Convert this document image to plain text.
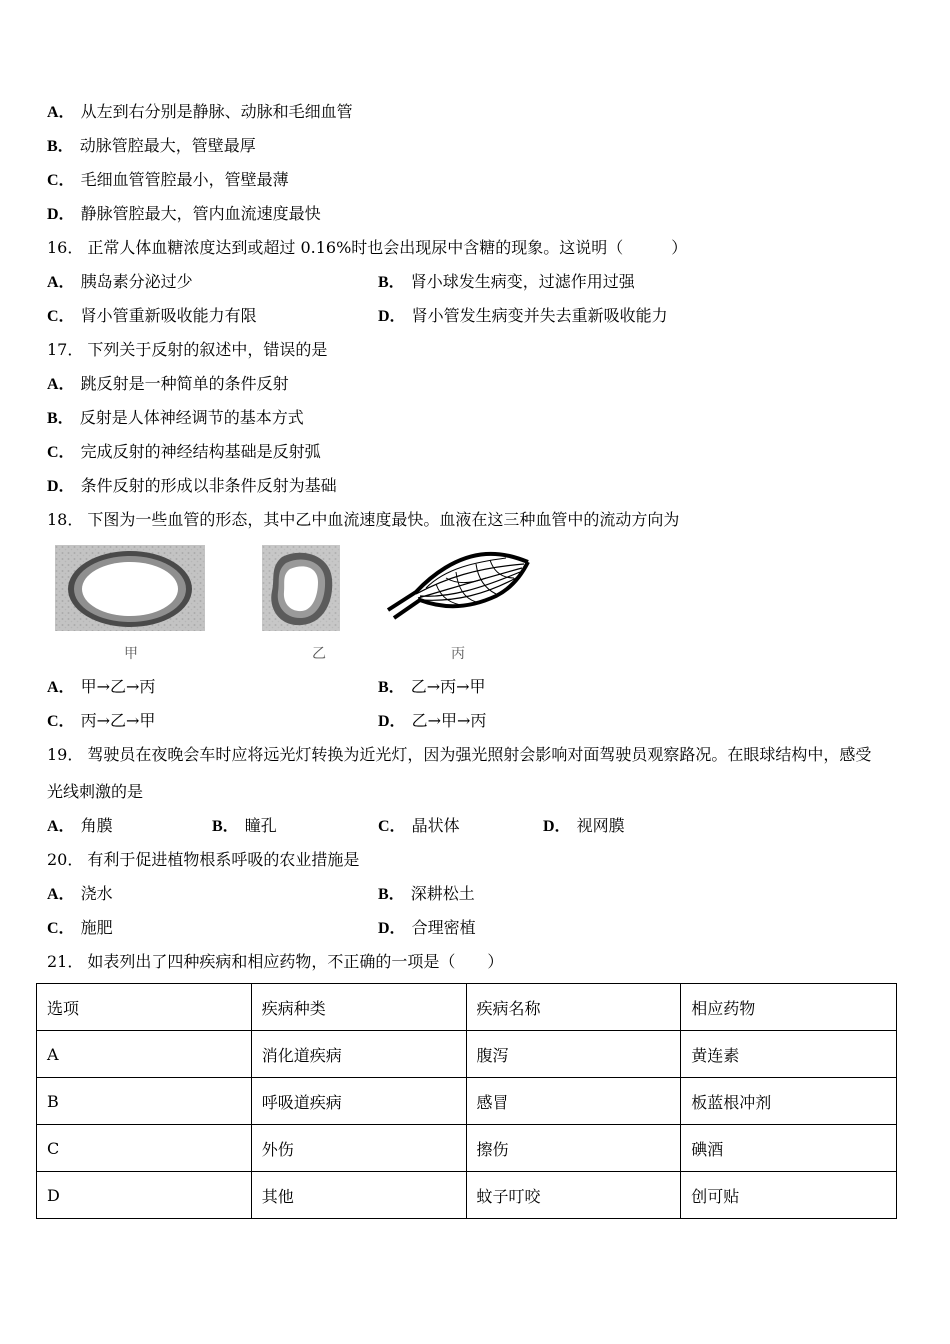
A． 从左到右分别是静脉、动脉和毛细血管
B． 动脉管腔最大，管壁最厚
C． 毛细血管管腔最小，管壁最薄
D． 静脉管腔最大，管内血流速度最快
16． 正常人体血糖浓度达到或超过 0.16%时也会出现尿中含糖的现象。这说明（　　　）
A． 胰岛素分泌过少	B． 肾小球发生病变，过滤作用过强
C． 肾小管重新吸收能力有限	D． 肾小管发生病变并失去重新吸收能力
17． 下列关于反射的叙述中，错误的是
A． 跳反射是一种简单的条件反射
B． 反射是人体神经调节的基本方式
C． 完成反射的神经结构基础是反射弧
D． 条件反射的形成以非条件反射为基础
18． 下图为一些血管的形态，其中乙中血流速度最快。血液在这三种血管中的流动方向为
甲	乙	丙
A． 甲→乙→丙	B． 乙→丙→甲
C． 丙→乙→甲	D． 乙→甲→丙
19． 驾驶员在夜晚会车时应将远光灯转换为近光灯，因为强光照射会影响对面驾驶员观察路况。在眼球结构中，感受
光线刺激的是
A． 角膜	B． 瞳孔	C． 晶状体	D． 视网膜
20． 有利于促进植物根系呼吸的农业措施是
A． 浇水	B． 深耕松土
C． 施肥	D． 合理密植
21． 如表列出了四种疾病和相应药物，不正确的一项是（　　）
选项	疾病种类	疾病名称	相应药物
A	消化道疾病	腹泻	黄连素
B	呼吸道疾病	感冒	板蓝根冲剂
C	外伤	擦伤	碘酒
D	其他	蚊子叮咬	创可贴
